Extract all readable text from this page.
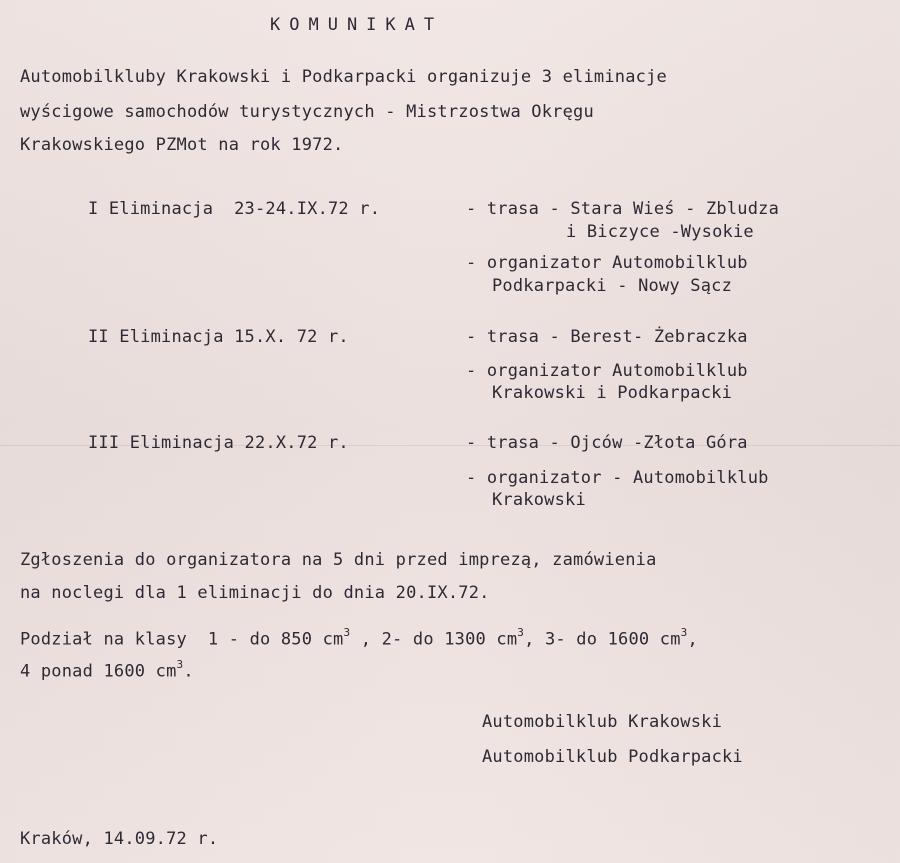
KOMUNIKAT
Automobilkluby Krakowski i Podkarpacki organizuje 3 eliminacje
wyścigowe samochodów turystycznych - Mistrzostwa Okręgu
Krakowskiego PZMot na rok 1972.
I Eliminacja  23-24.IX.72 r.	- trasa - Stara Wieś - Zbludza
i Biczyce -Wysokie
- organizator Automobilklub
Podkarpacki - Nowy Sącz
II Eliminacja 15.X. 72 r.	- trasa - Berest- Żebraczka
- organizator Automobilklub
Krakowski i Podkarpacki
III Eliminacja 22.X.72 r.	- trasa - Ojców -Złota Góra
- organizator - Automobilklub
Krakowski
Zgłoszenia do organizatora na 5 dni przed imprezą, zamówienia
na noclegi dla 1 eliminacji do dnia 20.IX.72.
Podział na klasy  1 - do 850 $cm^3$ , 2- do 1300 $cm^3$, 3- do 1600 $cm^3$,
4 ponad 1600 $cm^3$.
Automobilklub Krakowski
Automobilklub Podkarpacki
Kraków, 14.09.72 r.
